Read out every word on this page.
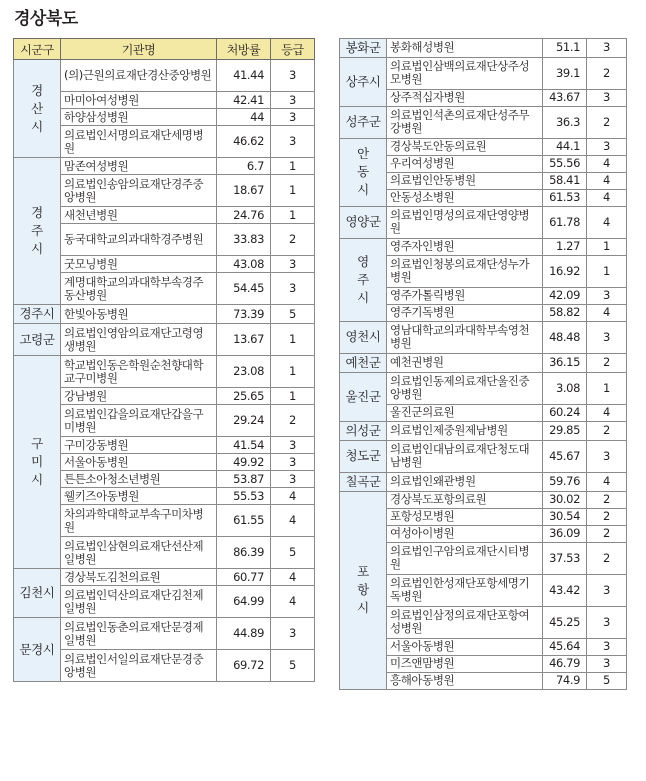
경상북도
시군구	기관명	처방률	등급
경산시	(의)근원의료재단경산중앙병원	41.44	3
	마미아여성병원	42.41	3
	하양삼성병원	44	3
	의료법인서명의료재단세명병원	46.62	3
경주시	맘존여성병원	6.7	1
	의료법인송암의료재단경주중앙병원	18.67	1
	새천년병원	24.76	1
	동국대학교의과대학경주병원	33.83	2
	굿모닝병원	43.08	3
	계명대학교의과대학부속경주동산병원	54.45	3
경주시	한빛아동병원	73.39	5
고령군	의료법인영암의료재단고령영생병원	13.67	1
구미시	학교법인동은학원순천향대학교구미병원	23.08	1
	강남병원	25.65	1
	의료법인갑을의료재단갑을구미병원	29.24	2
	구미강동병원	41.54	3
	서울아동병원	49.92	3
	튼튼소아청소년병원	53.87	3
	웰키즈아동병원	55.53	4
	차의과학대학교부속구미차병원	61.55	4
	의료법인삼현의료재단선산제일병원	86.39	5
김천시	경상북도김천의료원	60.77	4
	의료법인덕산의료재단김천제일병원	64.99	4
문경시	의료법인동춘의료재단문경제일병원	44.89	3
	의료법인서일의료재단문경중앙병원	69.72	5

봉화군	봉화해성병원	51.1	3
상주시	의료법인삼백의료재단상주성모병원	39.1	2
	상주적십자병원	43.67	3
성주군	의료법인석촌의료재단성주무강병원	36.3	2
안동시	경상북도안동의료원	44.1	3
	우리여성병원	55.56	4
	의료법인안동병원	58.41	4
	안동성소병원	61.53	4
영양군	의료법인명성의료재단영양병원	61.78	4
영주시	영주자인병원	1.27	1
	의료법인청봉의료재단성누가병원	16.92	1
	영주가톨릭병원	42.09	3
	영주기독병원	58.82	4
영천시	영남대학교의과대학부속영천병원	48.48	3
예천군	예천권병원	36.15	2
울진군	의료법인동제의료재단울진중앙병원	3.08	1
	울진군의료원	60.24	4
의성군	의료법인제중원제남병원	29.85	2
청도군	의료법인대남의료재단청도대남병원	45.67	3
칠곡군	의료법인왜관병원	59.76	4
포항시	경상북도포항의료원	30.02	2
	포항성모병원	30.54	2
	여성아이병원	36.09	2
	의료법인구암의료재단시티병원	37.53	2
	의료법인한성재단포항세명기독병원	43.42	3
	의료법인삼정의료재단포항여성병원	45.25	3
	서울아동병원	45.64	3
	미즈앤맘병원	46.79	3
	흥해아동병원	74.9	5
